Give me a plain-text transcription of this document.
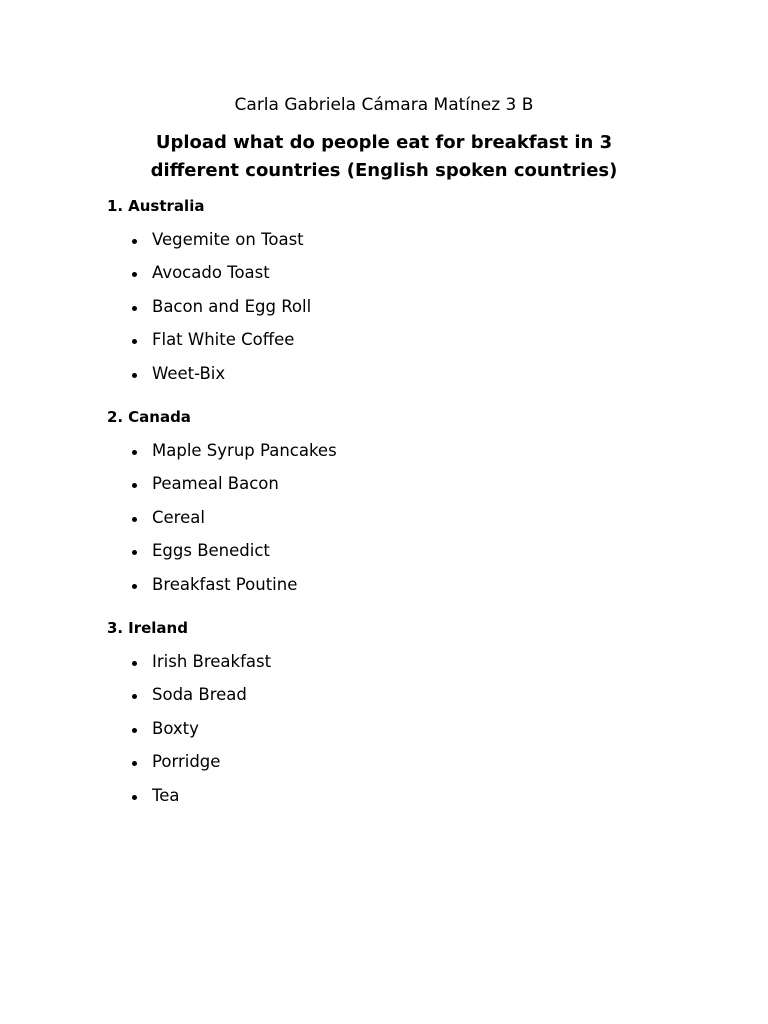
Carla Gabriela Cámara Matínez 3 B

Upload what do people eat for breakfast in 3 different countries (English spoken countries)

1. Australia

Vegemite on Toast
Avocado Toast
Bacon and Egg Roll
Flat White Coffee
Weet-Bix

2. Canada

Maple Syrup Pancakes
Peameal Bacon
Cereal
Eggs Benedict
Breakfast Poutine

3. Ireland

Irish Breakfast
Soda Bread
Boxty
Porridge
Tea
